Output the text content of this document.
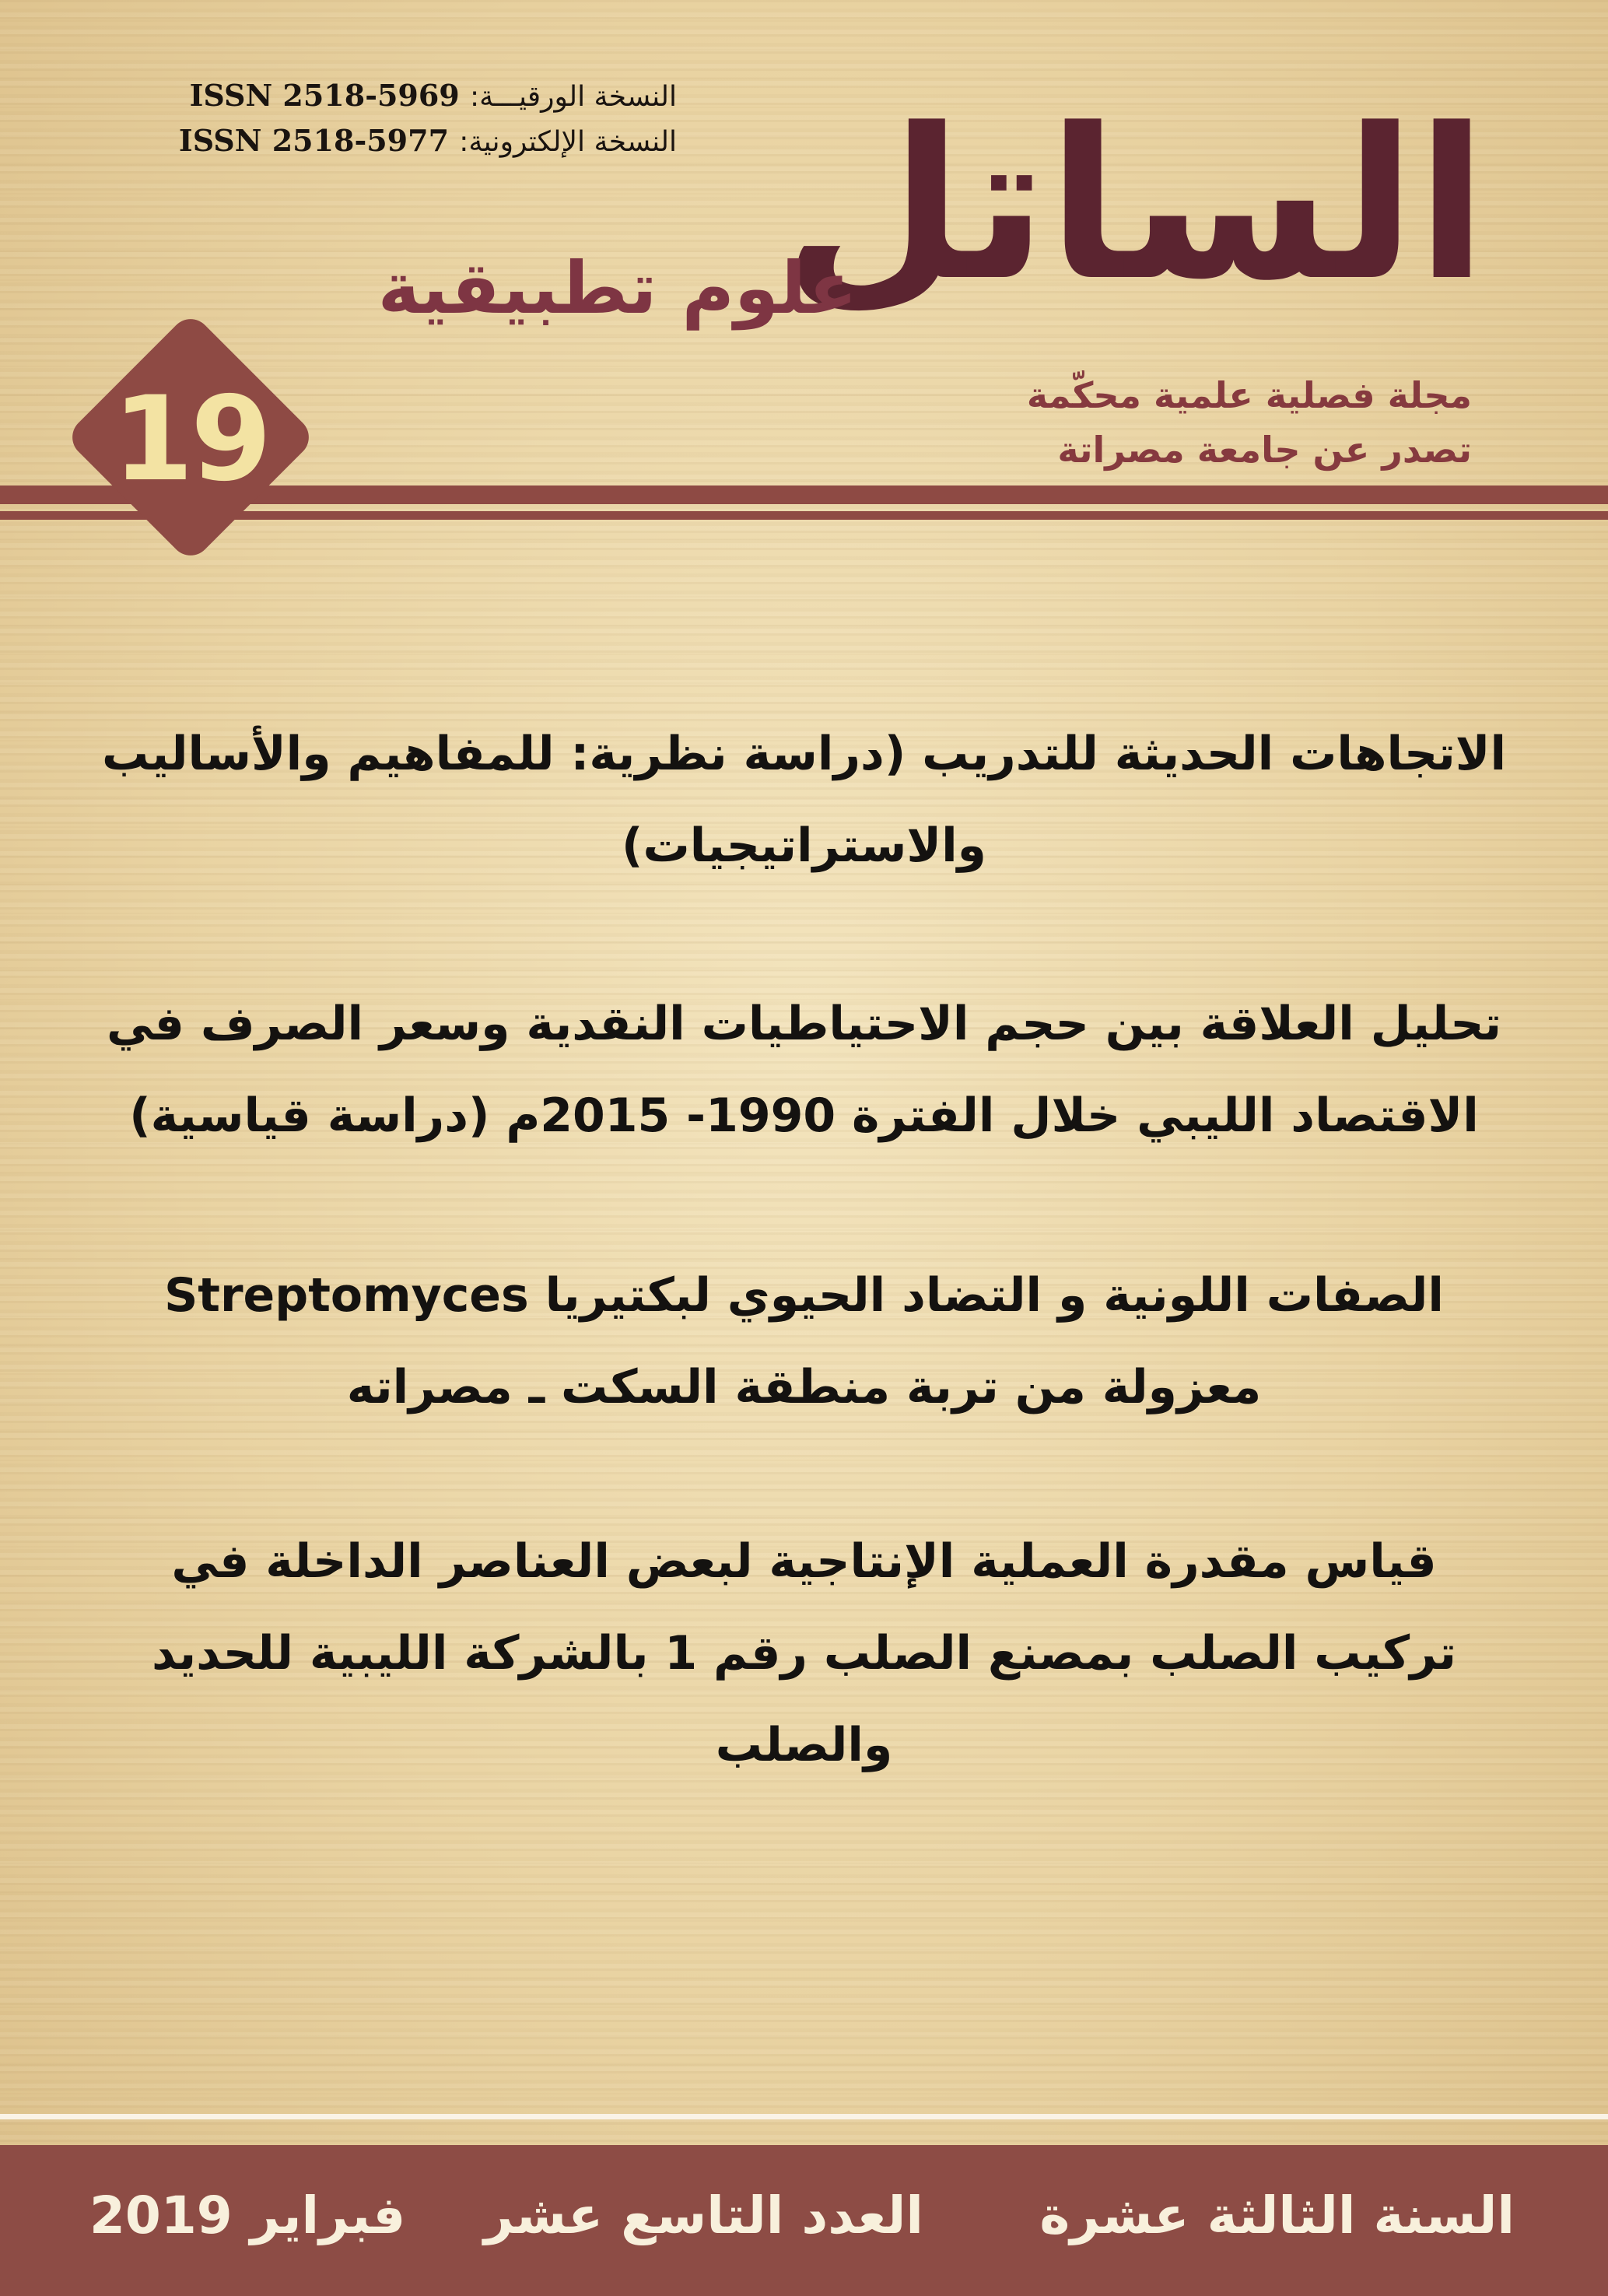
النسخة الورقيـــة: ISSN 2518-5969
النسخة الإلكترونية: ISSN 2518-5977	الساتل
علوم تطبيقية
مجلة فصلية علمية محكّمة
تصدر عن جامعة مصراتة
19
الاتجاهات الحديثة للتدريب (دراسة نظرية: للمفاهيم والأساليب
والاستراتيجيات)
تحليل العلاقة بين حجم الاحتياطيات النقدية وسعر الصرف في
الاقتصاد الليبي خلال الفترة 1990- 2015م (دراسة قياسية)
الصفات اللونية و التضاد الحيوي لبكتيريا Streptomyces
معزولة من تربة منطقة السكت ـ مصراته
قياس مقدرة العملية الإنتاجية لبعض العناصر الداخلة في
تركيب الصلب بمصنع الصلب رقم 1 بالشركة الليبية للحديد
والصلب
السنة الثالثة عشرة
العدد التاسع عشر
فبراير 2019
